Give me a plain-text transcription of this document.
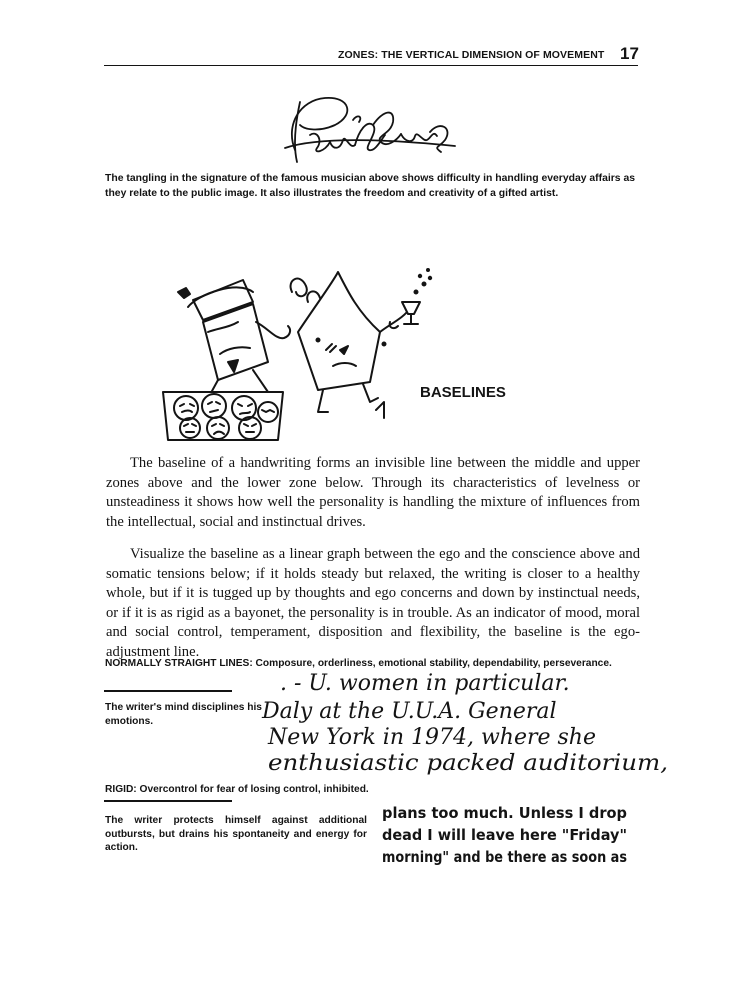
ZONES: THE VERTICAL DIMENSION OF MOVEMENT 17
The tangling in the signature of the famous musician above shows difficulty in handling everyday affairs as they relate to the public image. It also illustrates the freedom and creativity of a gifted artist.
BASELINES

The baseline of a handwriting forms an invisible line between the middle and upper zones above and the lower zone below. Through its characteristics of levelness or unsteadiness it shows how well the personality is handling the mixture of influences from the intellectual, social and instinctual drives.

Visualize the baseline as a linear graph between the ego and the conscience above and somatic tensions below; if it holds steady but relaxed, the writing is closer to a healthy whole, but if it is tugged up by thoughts and ego concerns and down by instinctual needs, or if it is as rigid as a bayonet, the personality is in trouble. As an indicator of mood, moral and social control, temperament, disposition and flexibility, the baseline is the ego-adjustment line.

NORMALLY STRAIGHT LINES: Composure, orderliness, emotional stability, dependability, perseverance.
The writer's mind disciplines his emotions.
. - U. women in particular.
Daly at the U.U.A. General
New York in 1974, where she
enthusiastic packed auditorium,
RIGID: Overcontrol for fear of losing control, inhibited.
The writer protects himself against additional outbursts, but drains his spontaneity and energy for action.
plans too much. Unless I drop
dead I will leave here "Friday"
morning" and be there as soon as
